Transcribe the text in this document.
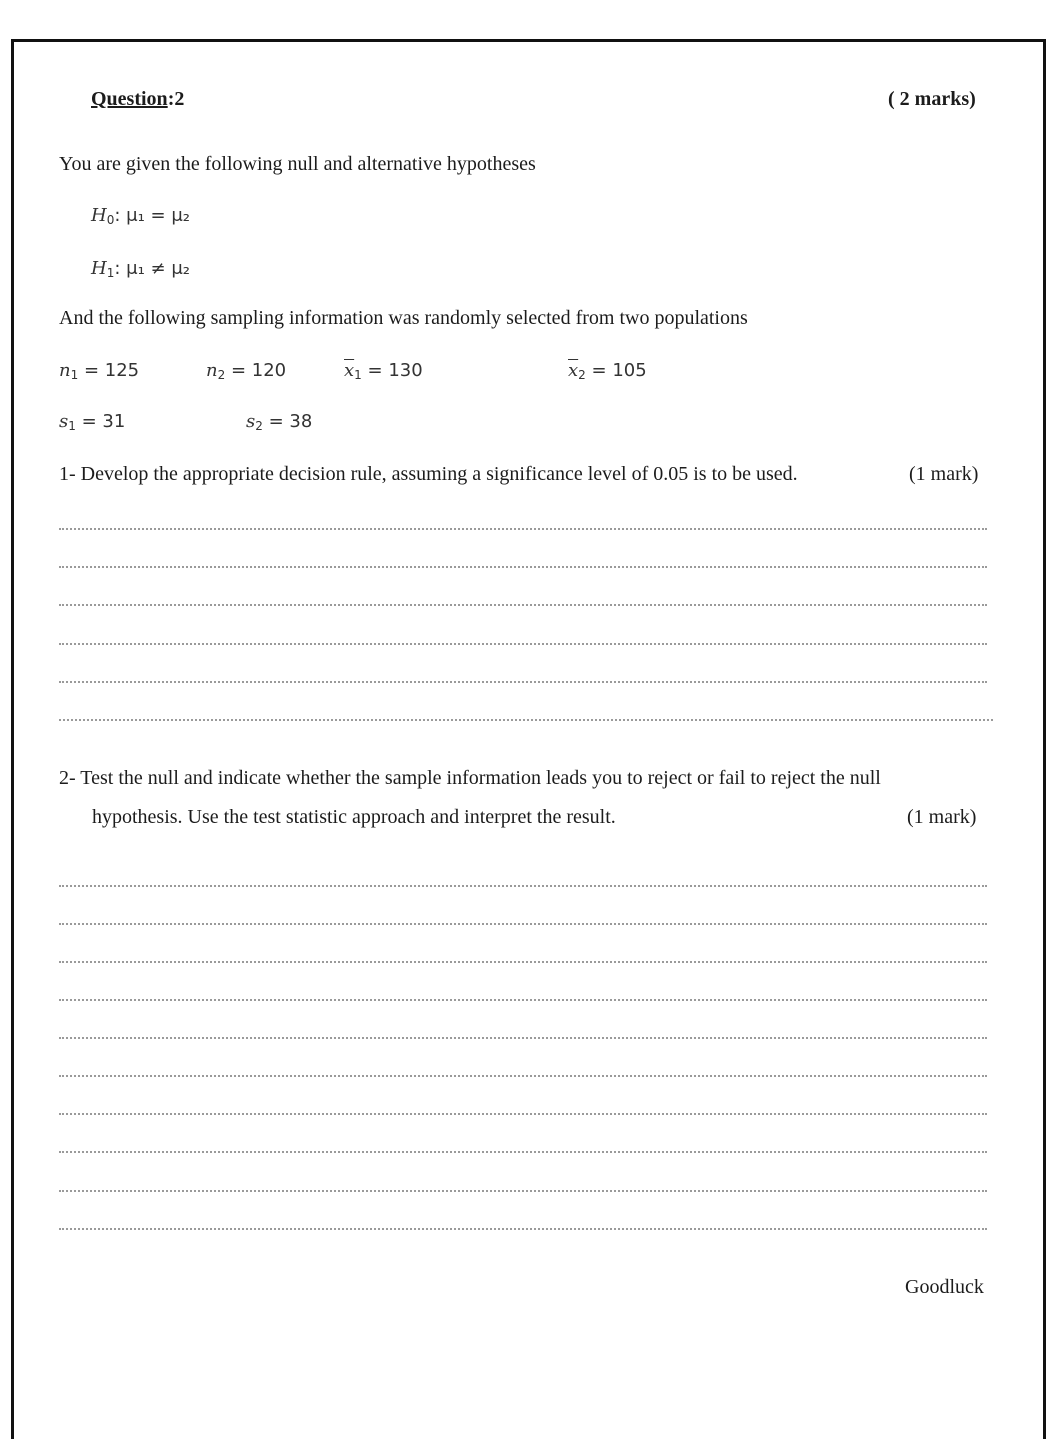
Question:2	( 2 marks)
You are given the following null and alternative hypotheses
$H_0$: μ₁ = μ₂
$H_1$: μ₁ ≠ μ₂
And the following sampling information was randomly selected from two populations
$n_1 = 125$	$n_2 = 120$	$\overline{x}_1 = 130$	$\overline{x}_2 = 105$
$s_1 = 31$	$s_2 = 38$
1- Develop the appropriate decision rule, assuming a significance level of 0.05 is to be used.	(1 mark)
2- Test the null and indicate whether the sample information leads you to reject or fail to reject the null
hypothesis. Use the test statistic approach and interpret the result.	(1 mark)
Goodluck
